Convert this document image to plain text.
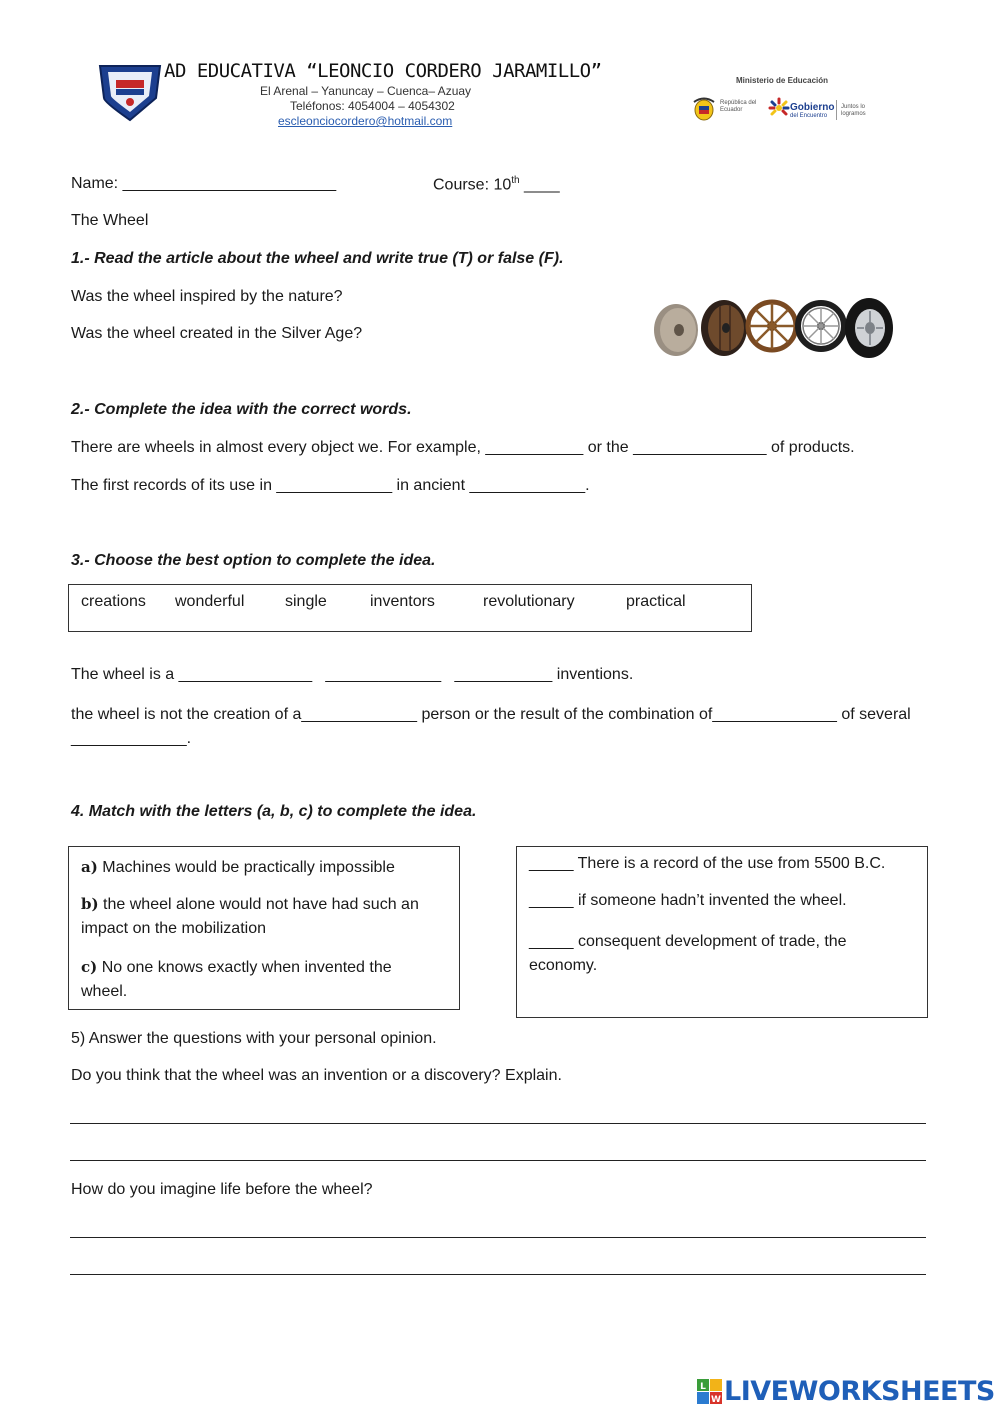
AD EDUCATIVA “LEONCIO CORDERO JARAMILLO”
El Arenal – Yanuncay – Cuenca– Azuay
Teléfonos: 4054004 – 4054302
escleonciocordero@hotmail.com
Ministerio de Educación
República del Ecuador	Gobierno
del Encuentro
Juntos lo logramos
Name: ________________________	Course: 10th ____
The Wheel
1.- Read the article about the wheel and write true (T) or false (F).
Was the wheel inspired by the nature?
Was the wheel created in the Silver Age?
2.- Complete the idea with the correct words.
There are wheels in almost every object we. For example, ___________ or the _______________ of products.
The first records of its use in _____________ in ancient _____________.
3.- Choose the best option to complete the idea.
creations wonderful	single	inventors	revolutionary	practical
The wheel is a _______________   _____________   ___________ inventions.
the wheel is not the creation of a_____________ person or the result of the combination of______________ of several _____________.
4. Match with the letters (a, b, c) to complete the idea.
a) Machines would be practically impossible
b) the wheel alone would not have had such an impact on the mobilization
c) No one knows exactly when invented the wheel.
_____ There is a record of the use from 5500 B.C.
_____ if someone hadn’t invented the wheel.
_____ consequent development of trade, the economy.
5) Answer the questions with your personal opinion.
Do you think that the wheel was an invention or a discovery? Explain.
How do you imagine life before the wheel?
L
W LIVEWORKSHEETS
